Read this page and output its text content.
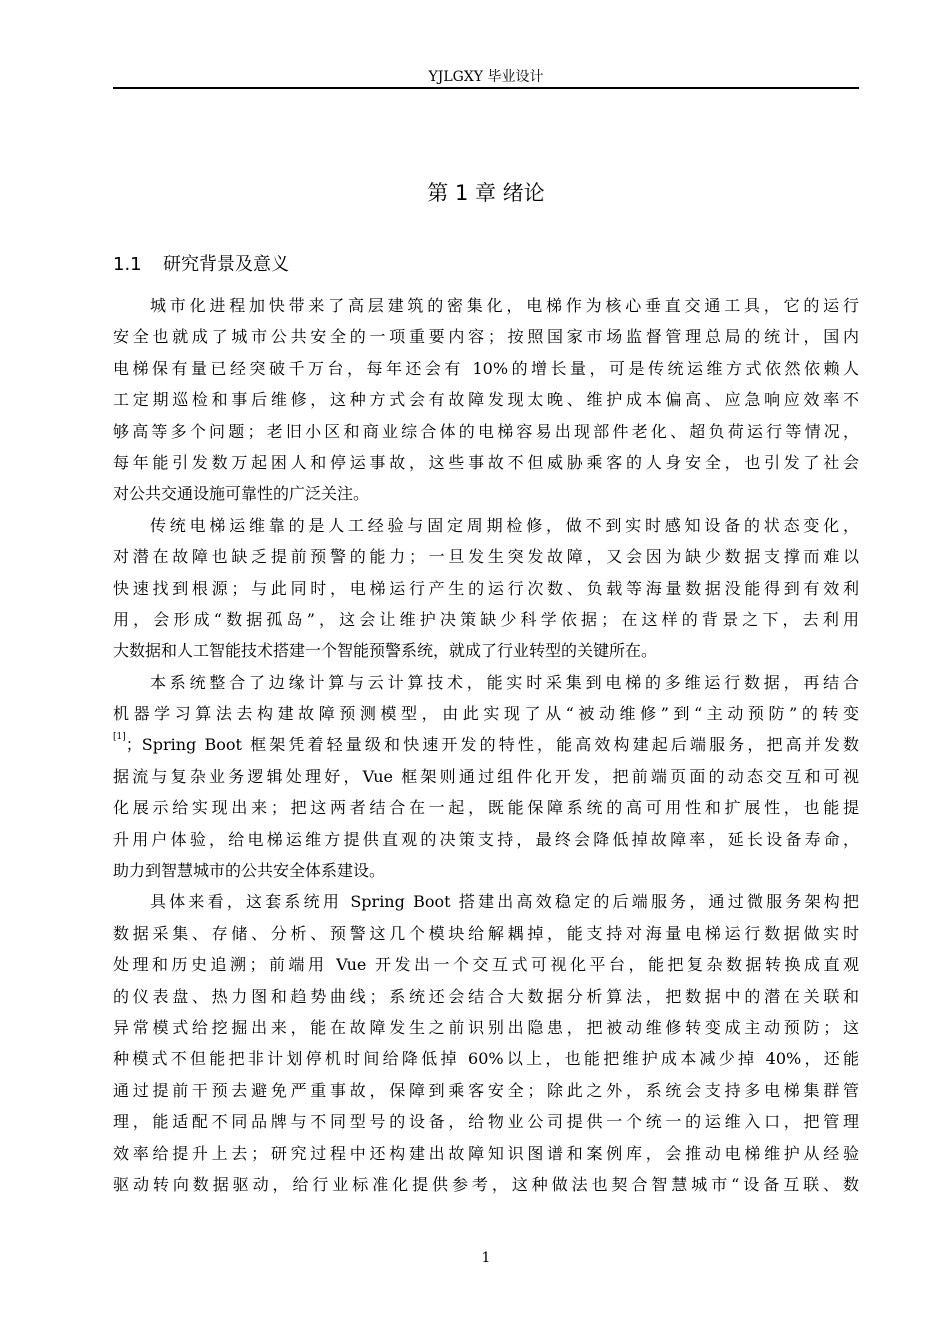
YJLGXY 毕业设计
第 1 章 绪论
1.1 研究背景及意义
城市化进程加快带来了高层建筑的密集化，电梯作为核心垂直交通工具，它的运行
安全也就成了城市公共安全的一项重要内容；按照国家市场监督管理总局的统计，国内
电梯保有量已经突破千万台，每年还会有 10%的增长量，可是传统运维方式依然依赖人
工定期巡检和事后维修，这种方式会有故障发现太晚、维护成本偏高、应急响应效率不
够高等多个问题；老旧小区和商业综合体的电梯容易出现部件老化、超负荷运行等情况，
每年能引发数万起困人和停运事故，这些事故不但威胁乘客的人身安全，也引发了社会
对公共交通设施可靠性的广泛关注。
传统电梯运维靠的是人工经验与固定周期检修，做不到实时感知设备的状态变化，
对潜在故障也缺乏提前预警的能力；一旦发生突发故障，又会因为缺少数据支撑而难以
快速找到根源；与此同时，电梯运行产生的运行次数、负载等海量数据没能得到有效利
用，会形成“数据孤岛”，这会让维护决策缺少科学依据；在这样的背景之下，去利用
大数据和人工智能技术搭建一个智能预警系统，就成了行业转型的关键所在。
本系统整合了边缘计算与云计算技术，能实时采集到电梯的多维运行数据，再结合
机器学习算法去构建故障预测模型，由此实现了从“被动维修”到“主动预防”的转变
[1]；Spring Boot 框架凭着轻量级和快速开发的特性，能高效构建起后端服务，把高并发数
据流与复杂业务逻辑处理好，Vue 框架则通过组件化开发，把前端页面的动态交互和可视
化展示给实现出来；把这两者结合在一起，既能保障系统的高可用性和扩展性，也能提
升用户体验，给电梯运维方提供直观的决策支持，最终会降低掉故障率，延长设备寿命，
助力到智慧城市的公共安全体系建设。
具体来看，这套系统用 Spring Boot 搭建出高效稳定的后端服务，通过微服务架构把
数据采集、存储、分析、预警这几个模块给解耦掉，能支持对海量电梯运行数据做实时
处理和历史追溯；前端用 Vue 开发出一个交互式可视化平台，能把复杂数据转换成直观
的仪表盘、热力图和趋势曲线；系统还会结合大数据分析算法，把数据中的潜在关联和
异常模式给挖掘出来，能在故障发生之前识别出隐患，把被动维修转变成主动预防；这
种模式不但能把非计划停机时间给降低掉 60%以上，也能把维护成本减少掉 40%，还能
通过提前干预去避免严重事故，保障到乘客安全；除此之外，系统会支持多电梯集群管
理，能适配不同品牌与不同型号的设备，给物业公司提供一个统一的运维入口，把管理
效率给提升上去；研究过程中还构建出故障知识图谱和案例库，会推动电梯维护从经验
驱动转向数据驱动，给行业标准化提供参考，这种做法也契合智慧城市“设备互联、数
1
